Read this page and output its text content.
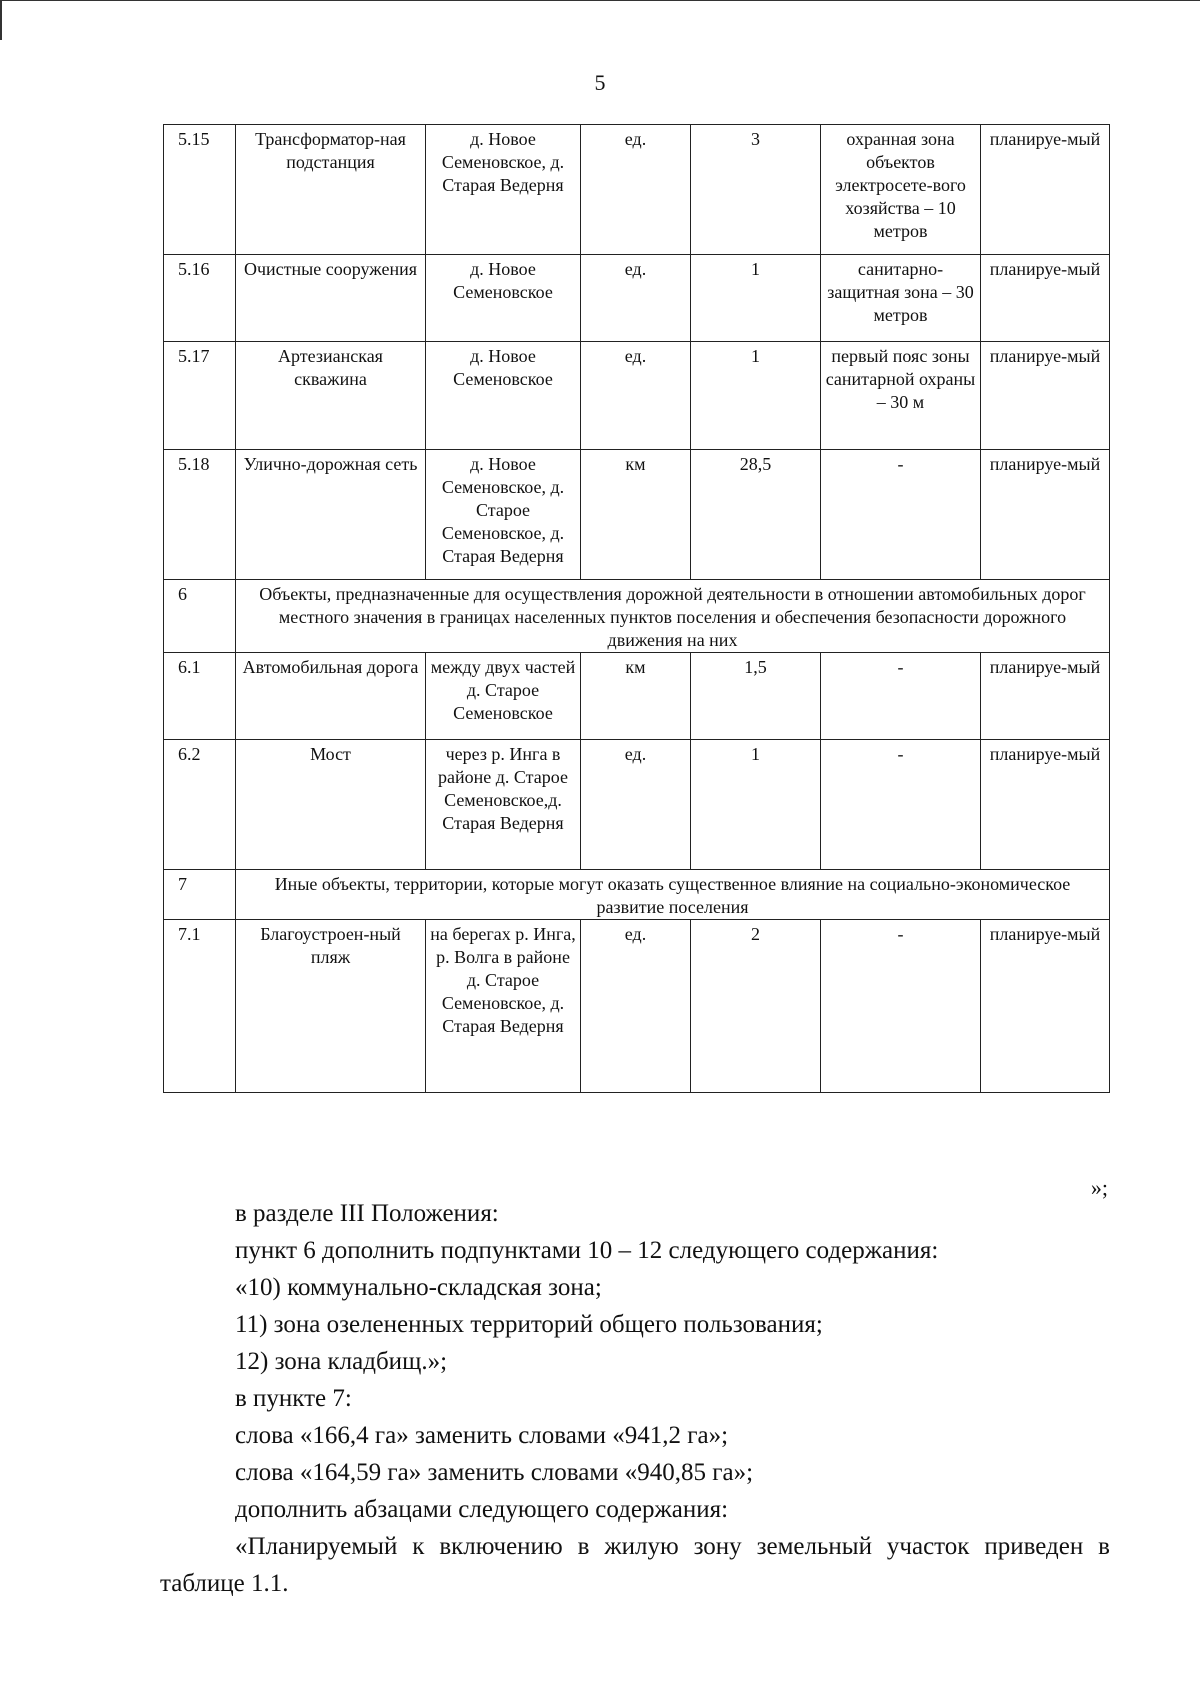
5
5.15	Трансформатор-ная подстанция	д. Новое Семеновское, д. Старая Ведерня	ед.	3	охранная зона объектов электросете-вого хозяйства – 10 метров	планируе-мый
5.16	Очистные сооружения	д. Новое Семеновское	ед.	1	санитарно-защитная зона – 30 метров	планируе-мый
5.17	Артезианская скважина	д. Новое Семеновское	ед.	1	первый пояс зоны санитарной охраны – 30 м	планируе-мый
5.18	Улично-дорожная сеть	д. Новое Семеновское, д. Старое Семеновское, д. Старая Ведерня	км	28,5	-	планируе-мый
6	Объекты, предназначенные для осуществления дорожной деятельности в отношении автомобильных дорог местного значения в границах населенных пунктов поселения и обеспечения безопасности дорожного движения на них					
6.1	Автомобильная дорога	между двух частей д. Старое Семеновское	км	1,5	-	планируе-мый
6.2	Мост	через р. Инга в районе д. Старое Семеновское,д. Старая Ведерня	ед.	1	-	планируе-мый
7	Иные объекты, территории, которые могут оказать существенное влияние на социально-экономическое развитие поселения					
7.1	Благоустроен-ный пляж	на берегах р. Инга, р. Волга в районе д. Старое Семеновское, д. Старая Ведерня	ед.	2	-	планируе-мый
»;

в разделе III Положения:

пункт 6 дополнить подпунктами 10 – 12 следующего содержания:

«10) коммунально-складская зона;

11) зона озелененных территорий общего пользования;

12) зона кладбищ.»;

в пункте 7:

слова «166,4 га» заменить словами «941,2 га»;

слова «164,59 га» заменить словами «940,85 га»;

дополнить абзацами следующего содержания:

«Планируемый к включению в жилую зону земельный участок приведен в таблице 1.1.
